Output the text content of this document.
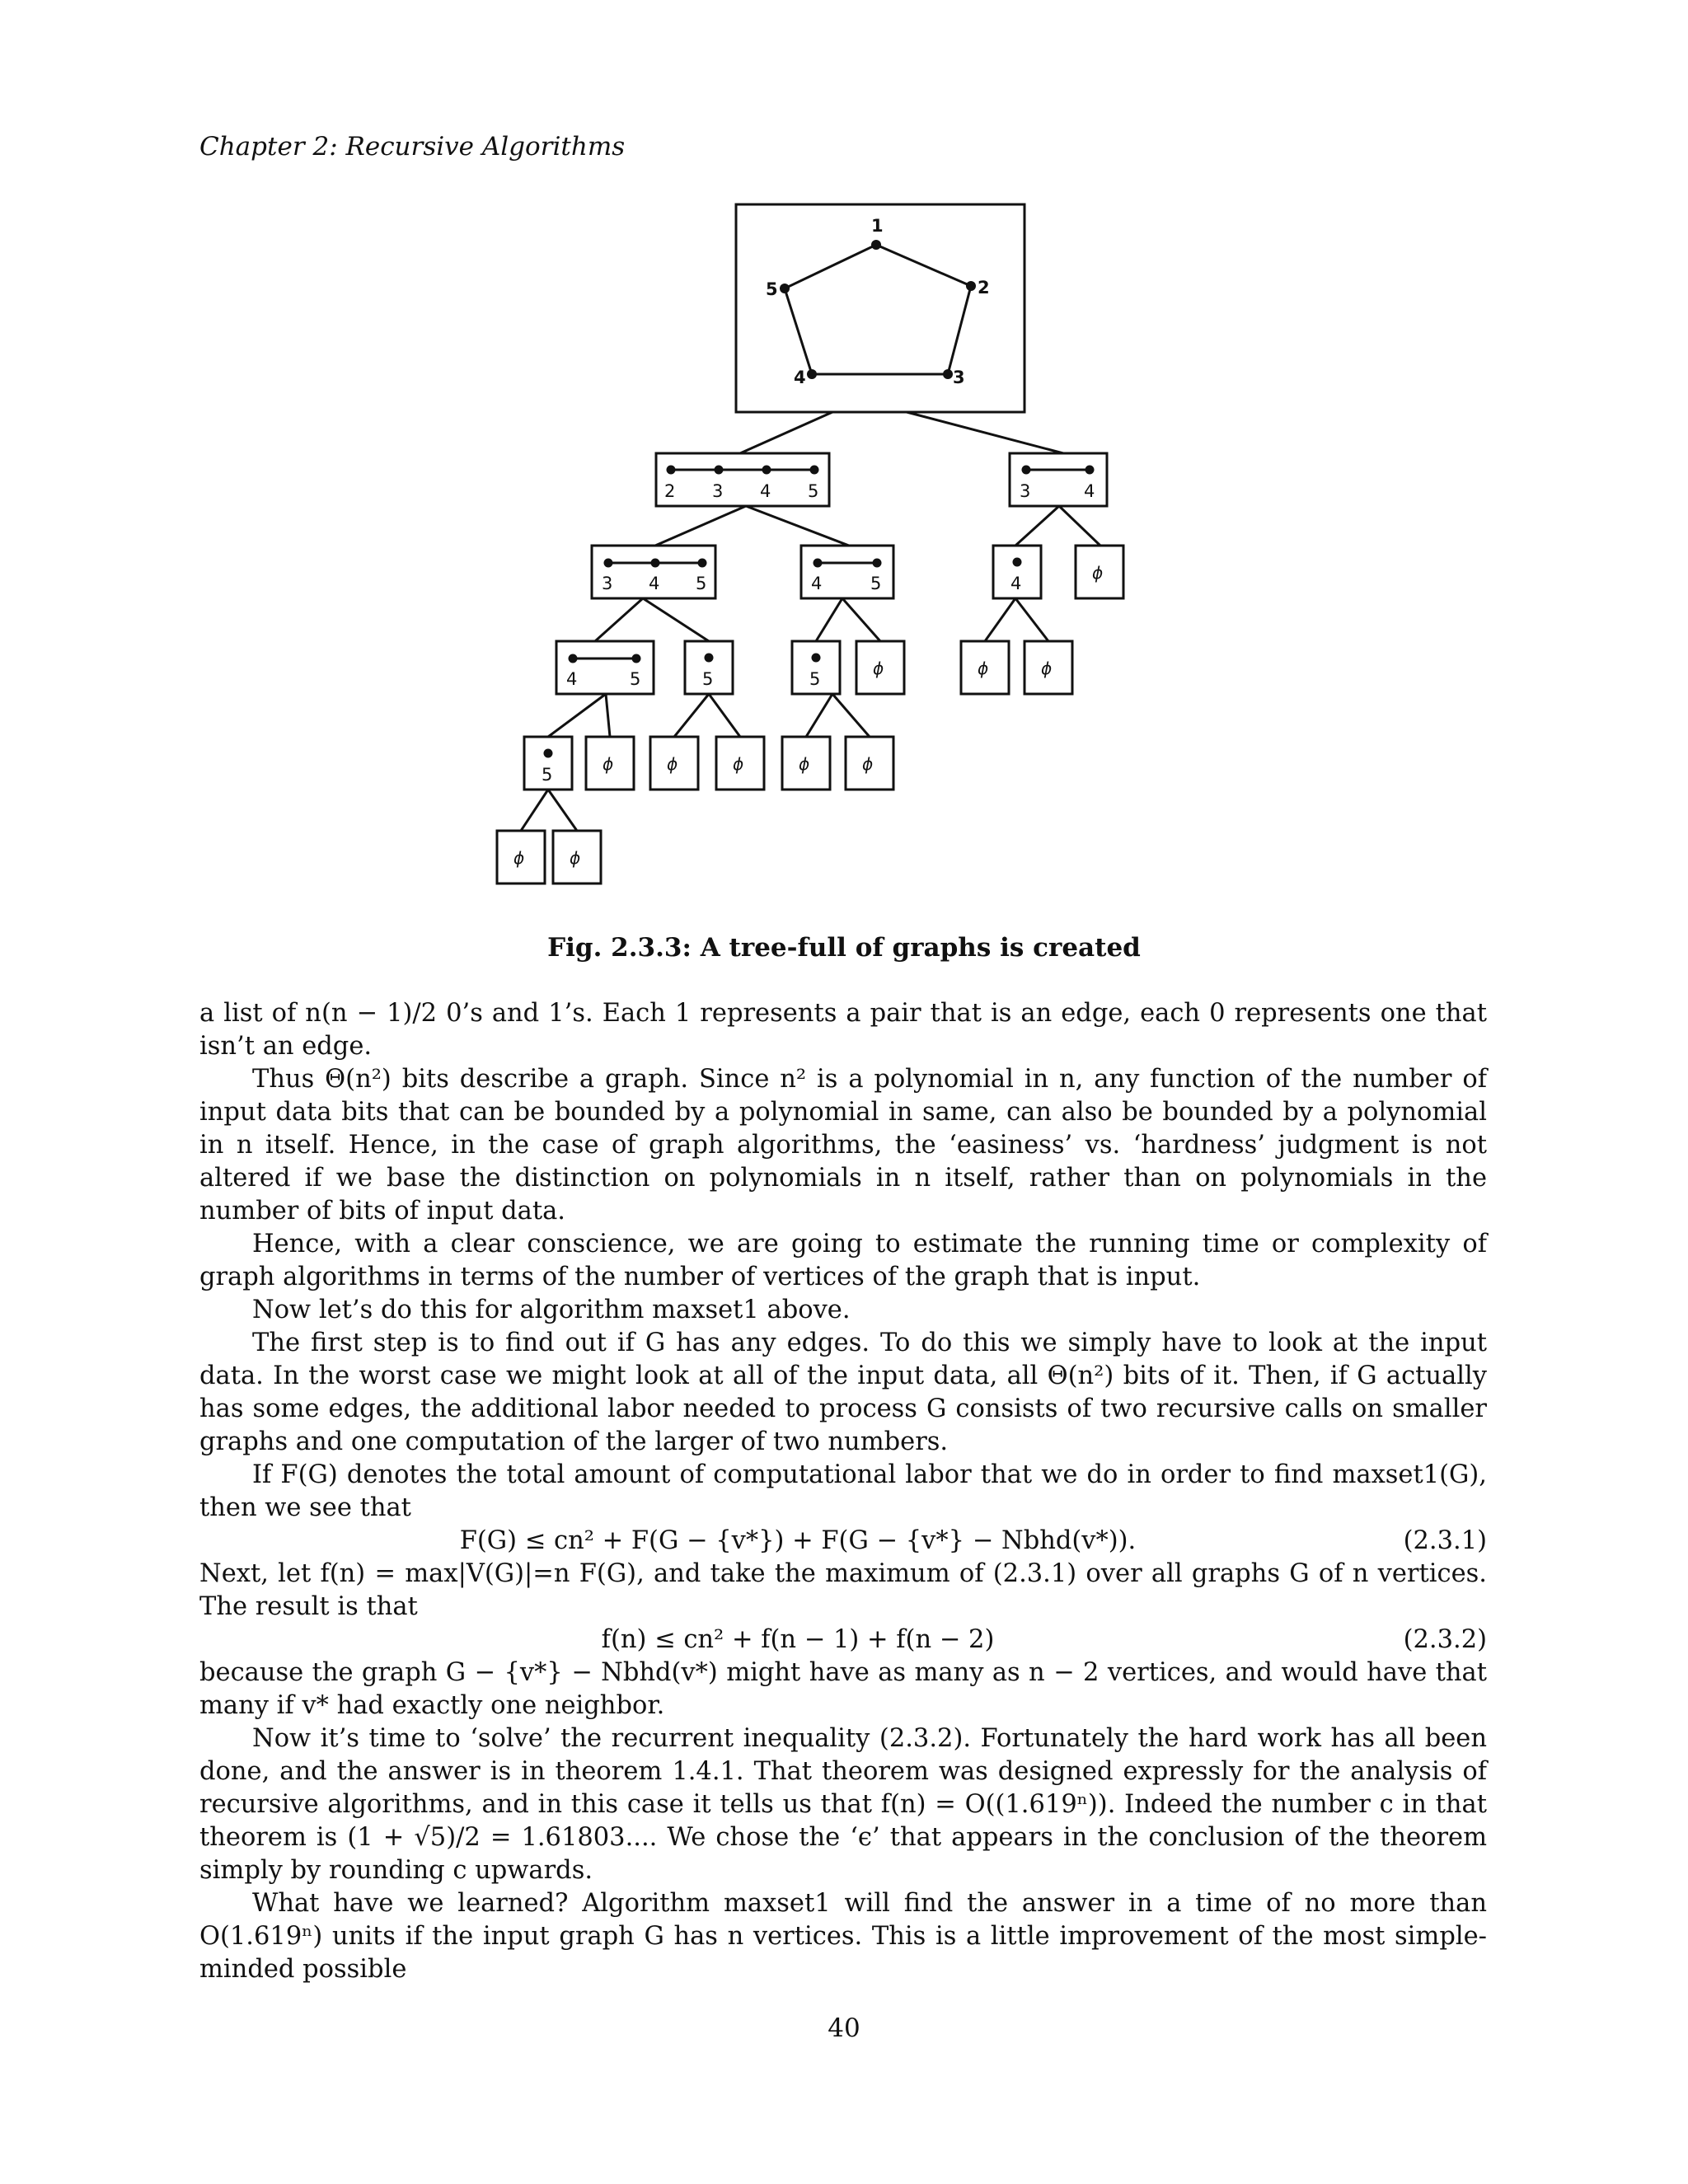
Chapter 2: Recursive Algorithms
1
2
3
4
5
2 3 4 5	3	4
3 4 5	4	5	4
ϕ
4	5	5	5
ϕ	ϕ	ϕ
5
ϕ	ϕ	ϕ	ϕ	ϕ
ϕ	ϕ
Fig. 2.3.3: A tree-full of graphs is created

a list of n(n − 1)/2 0’s and 1’s. Each 1 represents a pair that is an edge, each 0 represents one that isn’t an edge.

Thus Θ(n²) bits describe a graph. Since n² is a polynomial in n, any function of the number of input data bits that can be bounded by a polynomial in same, can also be bounded by a polynomial in n itself. Hence, in the case of graph algorithms, the ‘easiness’ vs. ‘hardness’ judgment is not altered if we base the distinction on polynomials in n itself, rather than on polynomials in the number of bits of input data.

Hence, with a clear conscience, we are going to estimate the running time or complexity of graph algorithms in terms of the number of vertices of the graph that is input.

Now let’s do this for algorithm maxset1 above.

The first step is to find out if G has any edges. To do this we simply have to look at the input data. In the worst case we might look at all of the input data, all Θ(n²) bits of it. Then, if G actually has some edges, the additional labor needed to process G consists of two recursive calls on smaller graphs and one computation of the larger of two numbers.

If F(G) denotes the total amount of computational labor that we do in order to find maxset1(G), then we see that

F(G) ≤ cn² + F(G − {v*}) + F(G − {v*} − Nbhd(v*)).	(2.3.1)

Next, let f(n) = max|V(G)|=n F(G), and take the maximum of (2.3.1) over all graphs G of n vertices. The result is that

f(n) ≤ cn² + f(n − 1) + f(n − 2)	(2.3.2)

because the graph G − {v*} − Nbhd(v*) might have as many as n − 2 vertices, and would have that many if v* had exactly one neighbor.

Now it’s time to ‘solve’ the recurrent inequality (2.3.2). Fortunately the hard work has all been done, and the answer is in theorem 1.4.1. That theorem was designed expressly for the analysis of recursive algorithms, and in this case it tells us that f(n) = O((1.619ⁿ)). Indeed the number c in that theorem is (1 + √5)/2 = 1.61803.... We chose the ‘ϵ’ that appears in the conclusion of the theorem simply by rounding c upwards.

What have we learned? Algorithm maxset1 will find the answer in a time of no more than O(1.619ⁿ) units if the input graph G has n vertices. This is a little improvement of the most simple-minded possible

40
